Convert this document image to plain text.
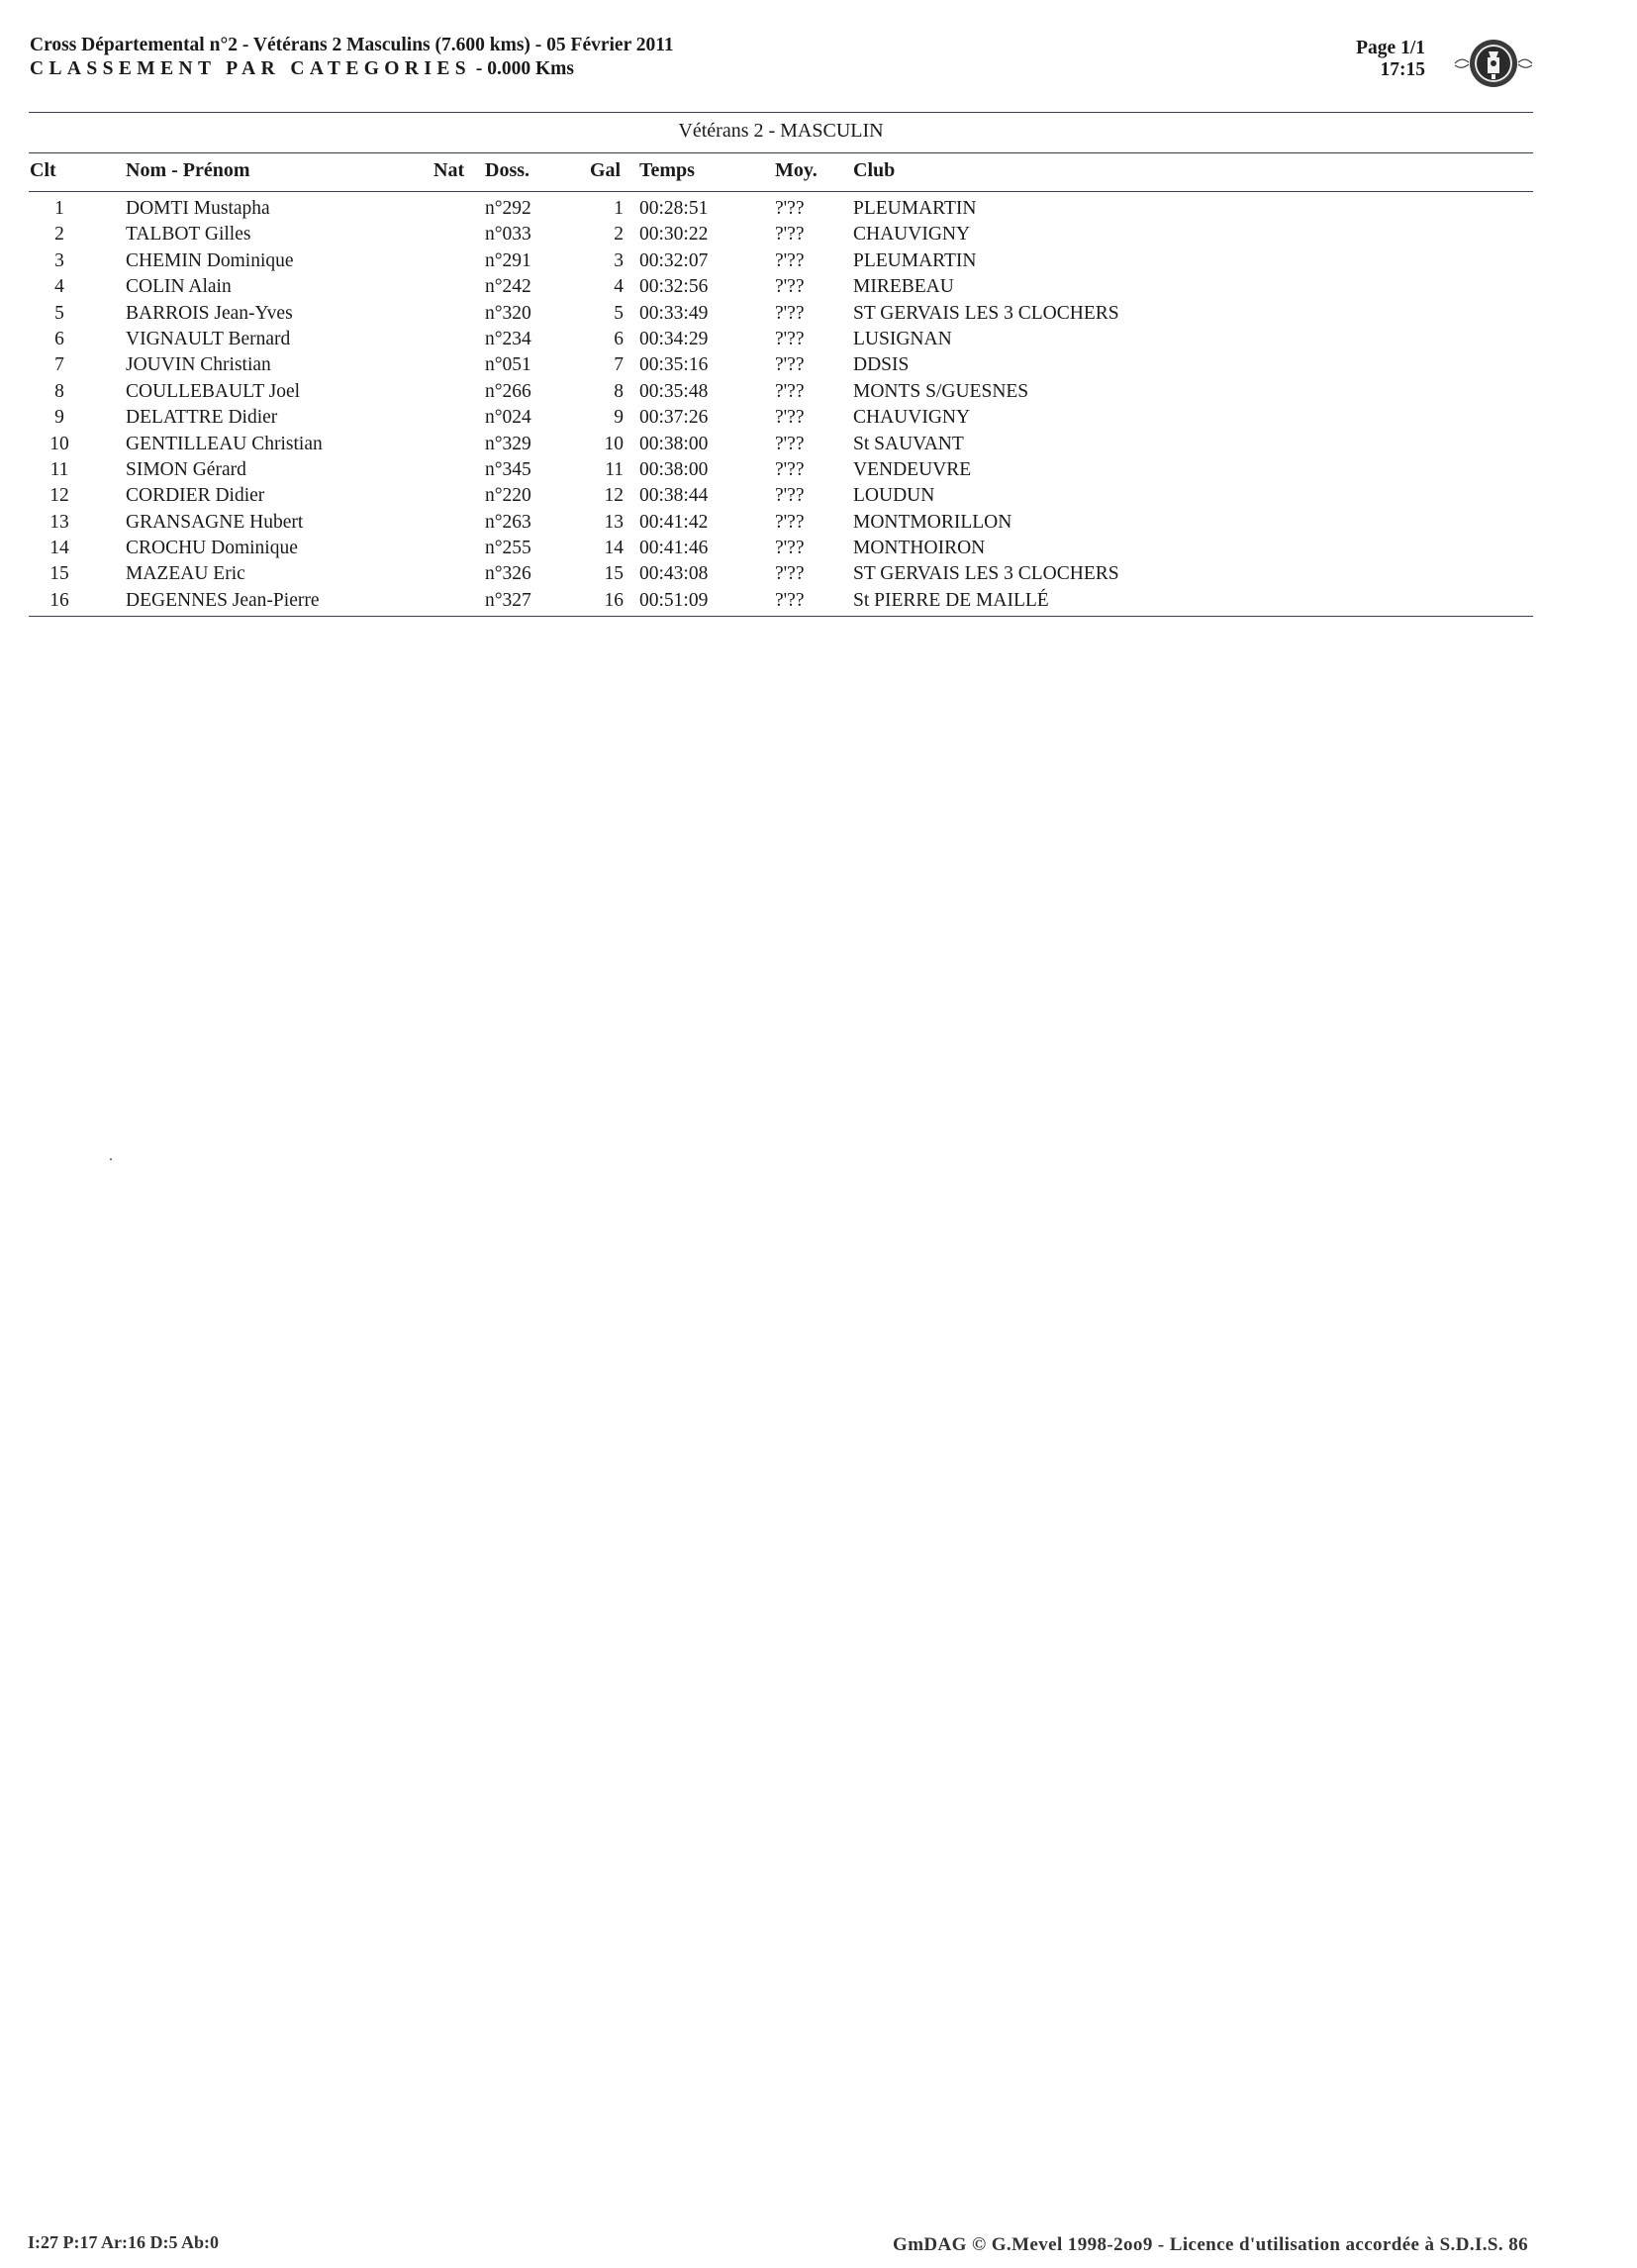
Cross Départemental n°2 - Vétérans 2 Masculins (7.600 kms) - 05 Février 2011
CLASSEMENT PAR CATEGORIES - 0.000 Kms
Page 1/1
17:15
Vétérans 2 - MASCULIN
Clt	Nom - Prénom	Nat Doss.	Gal Temps	Moy. Club
1	DOMTI Mustapha	n°292	1 00:28:51	?'??	PLEUMARTIN
2	TALBOT Gilles	n°033	2 00:30:22	?'??	CHAUVIGNY
3	CHEMIN Dominique	n°291	3 00:32:07	?'??	PLEUMARTIN
4	COLIN Alain	n°242	4 00:32:56	?'??	MIREBEAU
5	BARROIS Jean-Yves	n°320	5 00:33:49	?'??	ST GERVAIS LES 3 CLOCHERS
6	VIGNAULT Bernard	n°234	6 00:34:29	?'??	LUSIGNAN
7	JOUVIN Christian	n°051	7 00:35:16	?'??	DDSIS
8	COULLEBAULT Joel	n°266	8 00:35:48	?'??	MONTS S/GUESNES
9	DELATTRE Didier	n°024	9 00:37:26	?'??	CHAUVIGNY
10	GENTILLEAU Christian	n°329	10 00:38:00	?'??	St SAUVANT
11	SIMON Gérard	n°345	11 00:38:00	?'??	VENDEUVRE
12	CORDIER Didier	n°220	12 00:38:44	?'??	LOUDUN
13	GRANSAGNE Hubert	n°263	13 00:41:42	?'??	MONTMORILLON
14	CROCHU Dominique	n°255	14 00:41:46	?'??	MONTHOIRON
15	MAZEAU Eric	n°326	15 00:43:08	?'??	ST GERVAIS LES 3 CLOCHERS
16	DEGENNES Jean-Pierre	n°327	16 00:51:09	?'??	St PIERRE DE MAILLÉ
I:27 P:17 Ar:16 D:5 Ab:0	GmDAG © G.Mevel 1998-2oo9 - Licence d'utilisation accordée à S.D.I.S. 86
